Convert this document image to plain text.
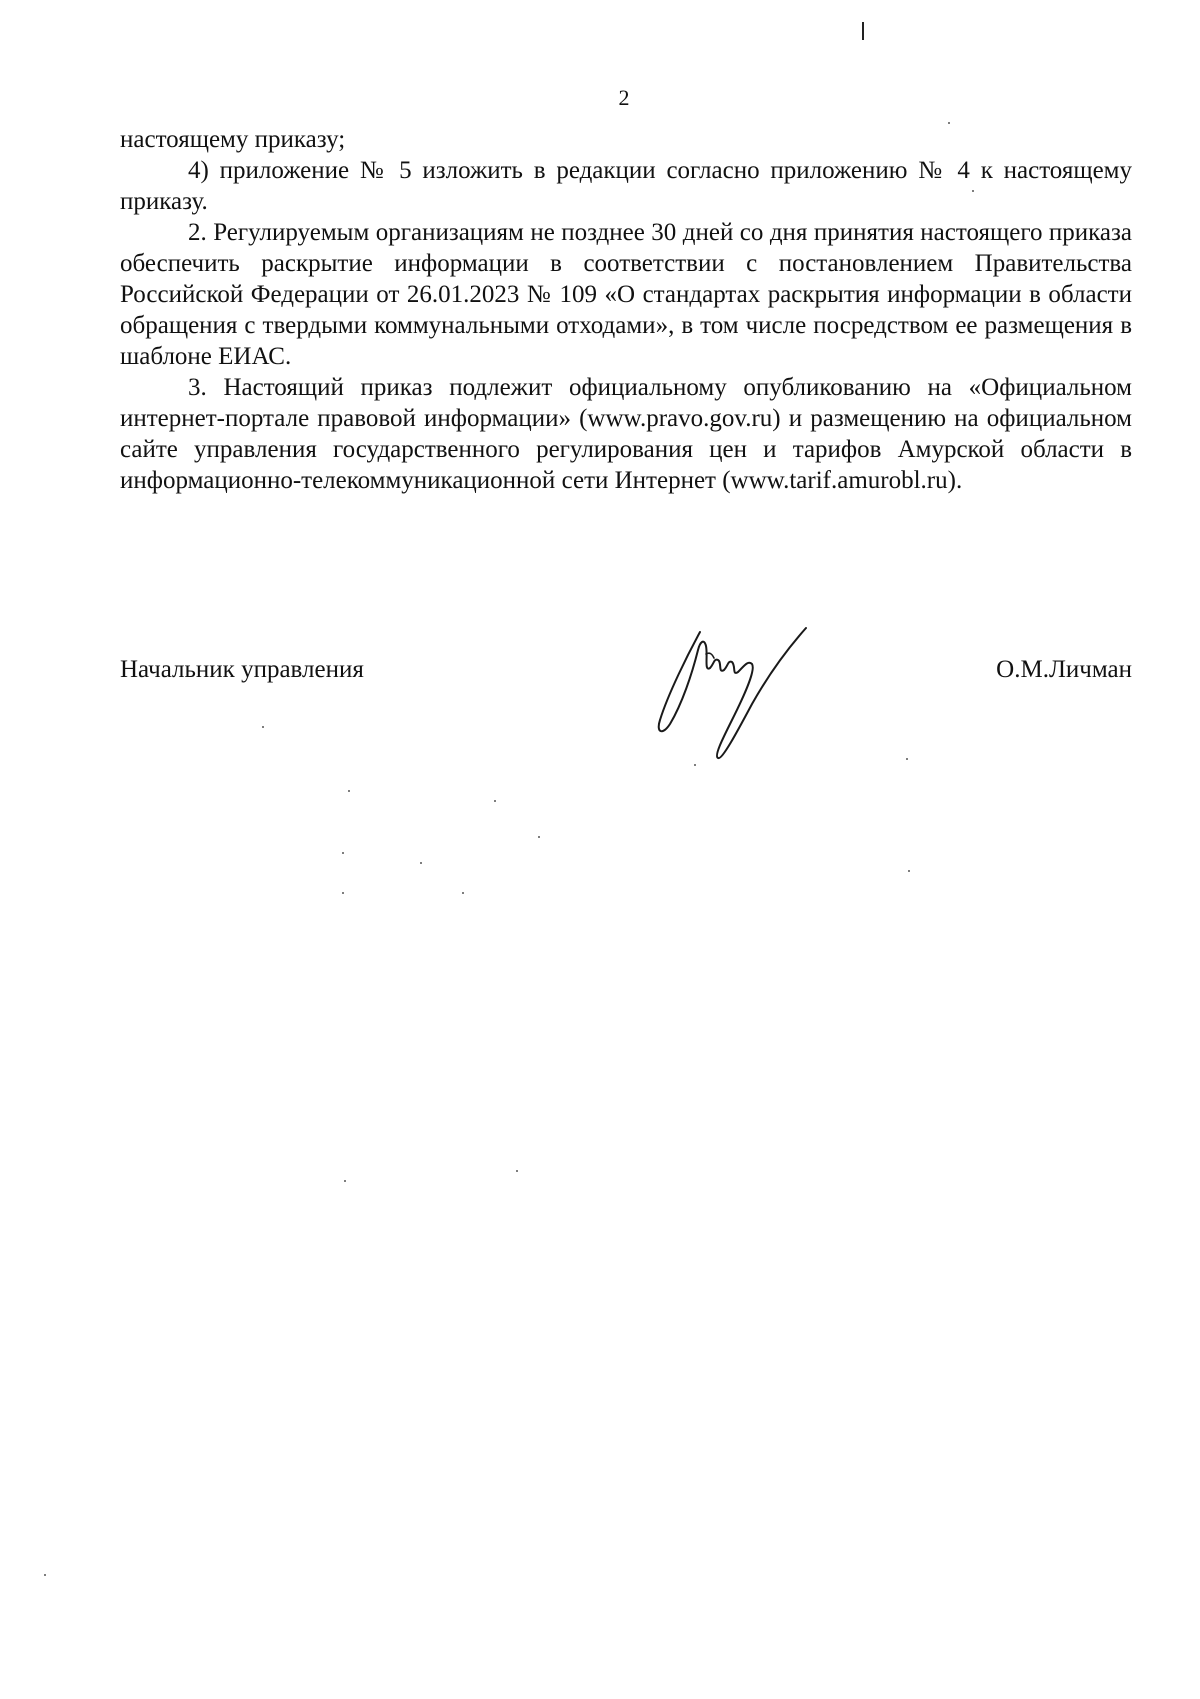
2

настоящему приказу;

4) приложение № 5 изложить в редакции согласно приложению № 4 к настоящему приказу.

2. Регулируемым организациям не позднее 30 дней со дня принятия настоящего приказа обеспечить раскрытие информации в соответствии с постановлением Правительства Российской Федерации от 26.01.2023 № 109 «О стандартах раскрытия информации в области обращения с твердыми коммунальными отходами», в том числе посредством ее размещения в шаблоне ЕИАС.

3. Настоящий приказ подлежит официальному опубликованию на «Официальном интернет-портале правовой информации» (www.pravo.gov.ru) и размещению на официальном сайте управления государственного регулирования цен и тарифов Амурской области в информационно-телекоммуникационной сети Интернет (www.tarif.amurobl.ru).

Начальник управления	О.М.Личман
